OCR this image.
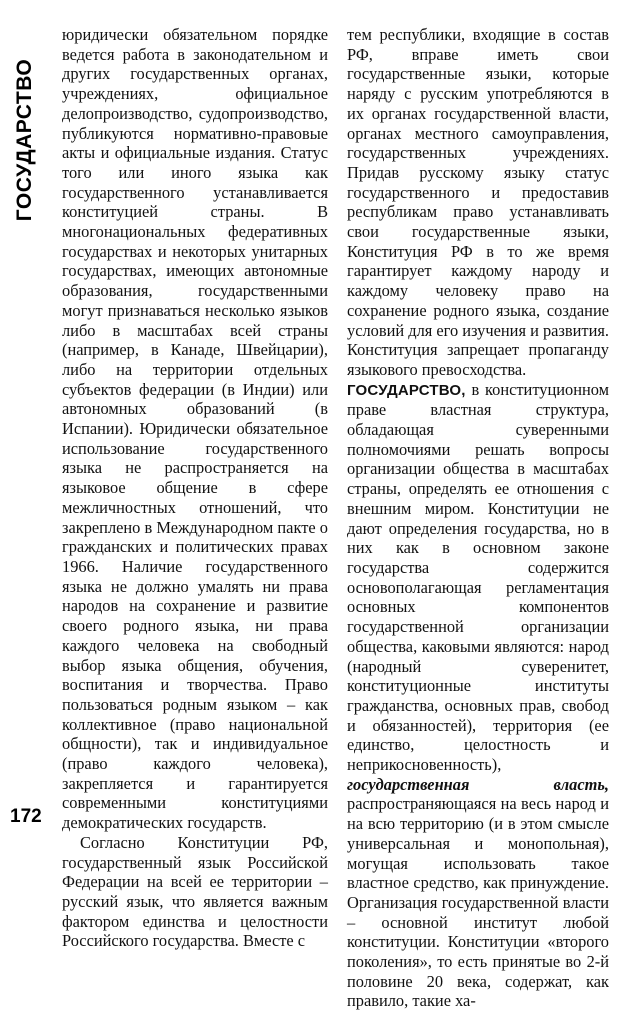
ГОСУДАРСТВО

юридически обязательном порядке ведется работа в законодательном и других государственных органах, учреждениях, официальное делопроизводство, судопроизводство, публикуются нормативно-правовые акты и официальные издания. Статус того или иного языка как государственного устанавливается конституцией страны. В многонациональных федеративных государствах и некоторых унитарных государствах, имеющих автономные образования, государственными могут признаваться несколько языков либо в масштабах всей страны (например, в Канаде, Швейцарии), либо на территории отдельных субъектов федерации (в Индии) или автономных образований (в Испании). Юридически обязательное использование государственного языка не распространяется на языковое общение в сфере межличностных отношений, что закреплено в Международном пакте о гражданских и политических правах 1966. Наличие государственного языка не должно умалять ни права народов на сохранение и развитие своего родного языка, ни права каждого человека на свободный выбор языка общения, обучения, воспитания и творчества. Право пользоваться родным языком – как коллективное (право национальной общности), так и индивидуальное (право каждого человека), закрепляется и гарантируется современными конституциями демократических государств.

Согласно Конституции РФ, государственный язык Российской Федерации на всей ее территории – русский язык, что является важным фактором единства и целостности Российского государства. Вместе с

тем республики, входящие в состав РФ, вправе иметь свои государственные языки, которые наряду с русским употребляются в их органах государственной власти, органах местного самоуправления, государственных учреждениях. Придав русскому языку статус государственного и предоставив республикам право устанавливать свои государственные языки, Конституция РФ в то же время гарантирует каждому народу и каждому человеку право на сохранение родного языка, создание условий для его изучения и развития. Конституция запрещает пропаганду языкового превосходства.

ГОСУДАРСТВО, в конституционном праве властная структура, обладающая суверенными полномочиями решать вопросы организации общества в масштабах страны, определять ее отношения с внешним миром. Конституции не дают определения государства, но в них как в основном законе государства содержится основополагающая регламентация основных компонентов государственной организации общества, каковыми являются: народ (народный суверенитет, конституционные институты гражданства, основных прав, свобод и обязанностей), территория (ее единство, целостность и неприкосновенность), государственная власть, распространяющаяся на весь народ и на всю территорию (и в этом смысле универсальная и монопольная), могущая использовать такое властное средство, как принуждение. Организация государственной власти – основной институт любой конституции. Конституции «второго поколения», то есть принятые во 2-й половине 20 века, содержат, как правило, такие ха-

172
